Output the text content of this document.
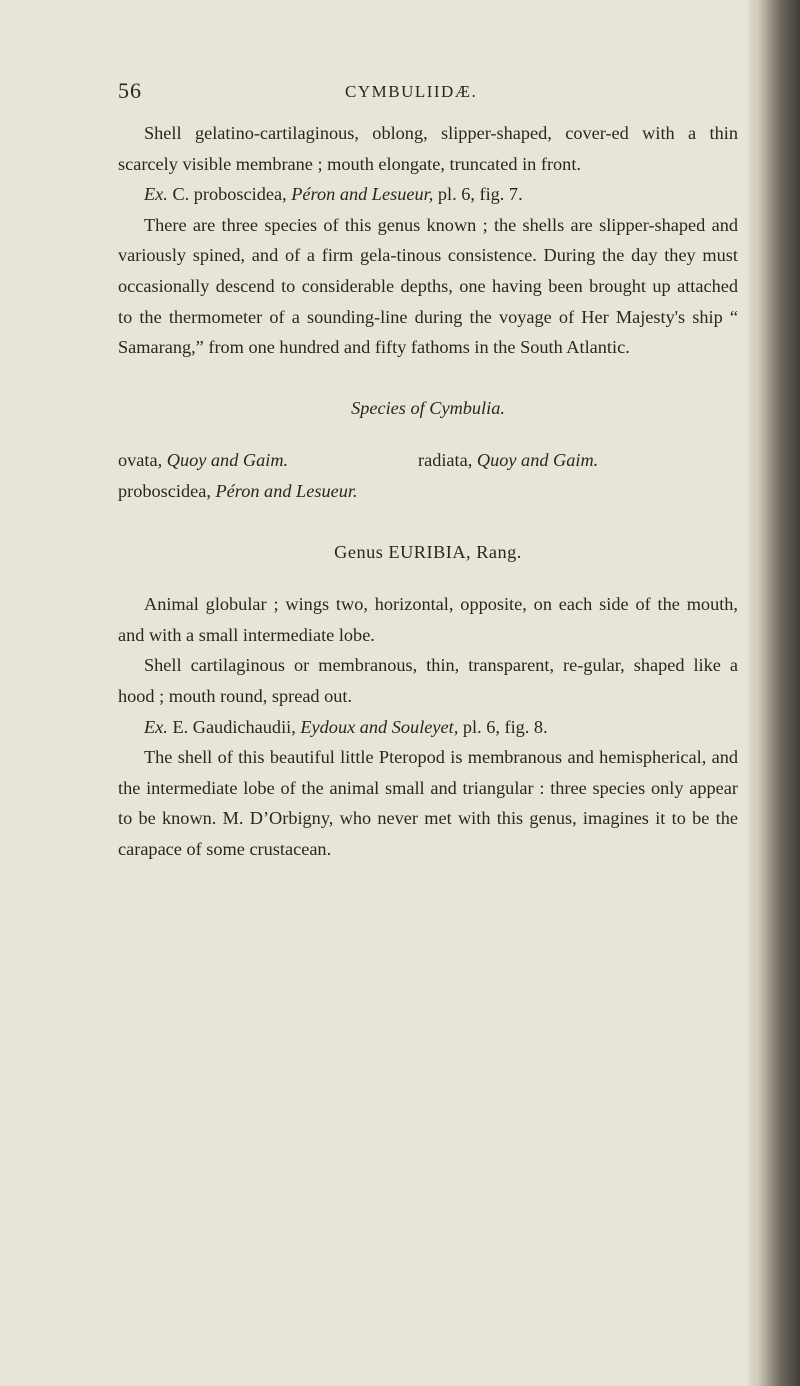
56	CYMBULIIDÆ.

Shell gelatino-cartilaginous, oblong, slipper-shaped, cover-ed with a thin scarcely visible membrane ; mouth elongate, truncated in front.

Ex. C. proboscidea, Péron and Lesueur, pl. 6, fig. 7.

There are three species of this genus known ; the shells are slipper-shaped and variously spined, and of a firm gela-tinous consistence. During the day they must occasionally descend to considerable depths, one having been brought up attached to the thermometer of a sounding-line during the voyage of Her Majesty's ship “ Samarang,” from one hundred and fifty fathoms in the South Atlantic.

Species of Cymbulia.

ovata, Quoy and Gaim.	radiata, Quoy and Gaim.
proboscidea, Péron and Lesueur.

Genus EURIBIA, Rang.

Animal globular ; wings two, horizontal, opposite, on each side of the mouth, and with a small intermediate lobe.

Shell cartilaginous or membranous, thin, transparent, re-gular, shaped like a hood ; mouth round, spread out.

Ex. E. Gaudichaudii, Eydoux and Souleyet, pl. 6, fig. 8.

The shell of this beautiful little Pteropod is membranous and hemispherical, and the intermediate lobe of the animal small and triangular : three species only appear to be known. M. D’Orbigny, who never met with this genus, imagines it to be the carapace of some crustacean.
